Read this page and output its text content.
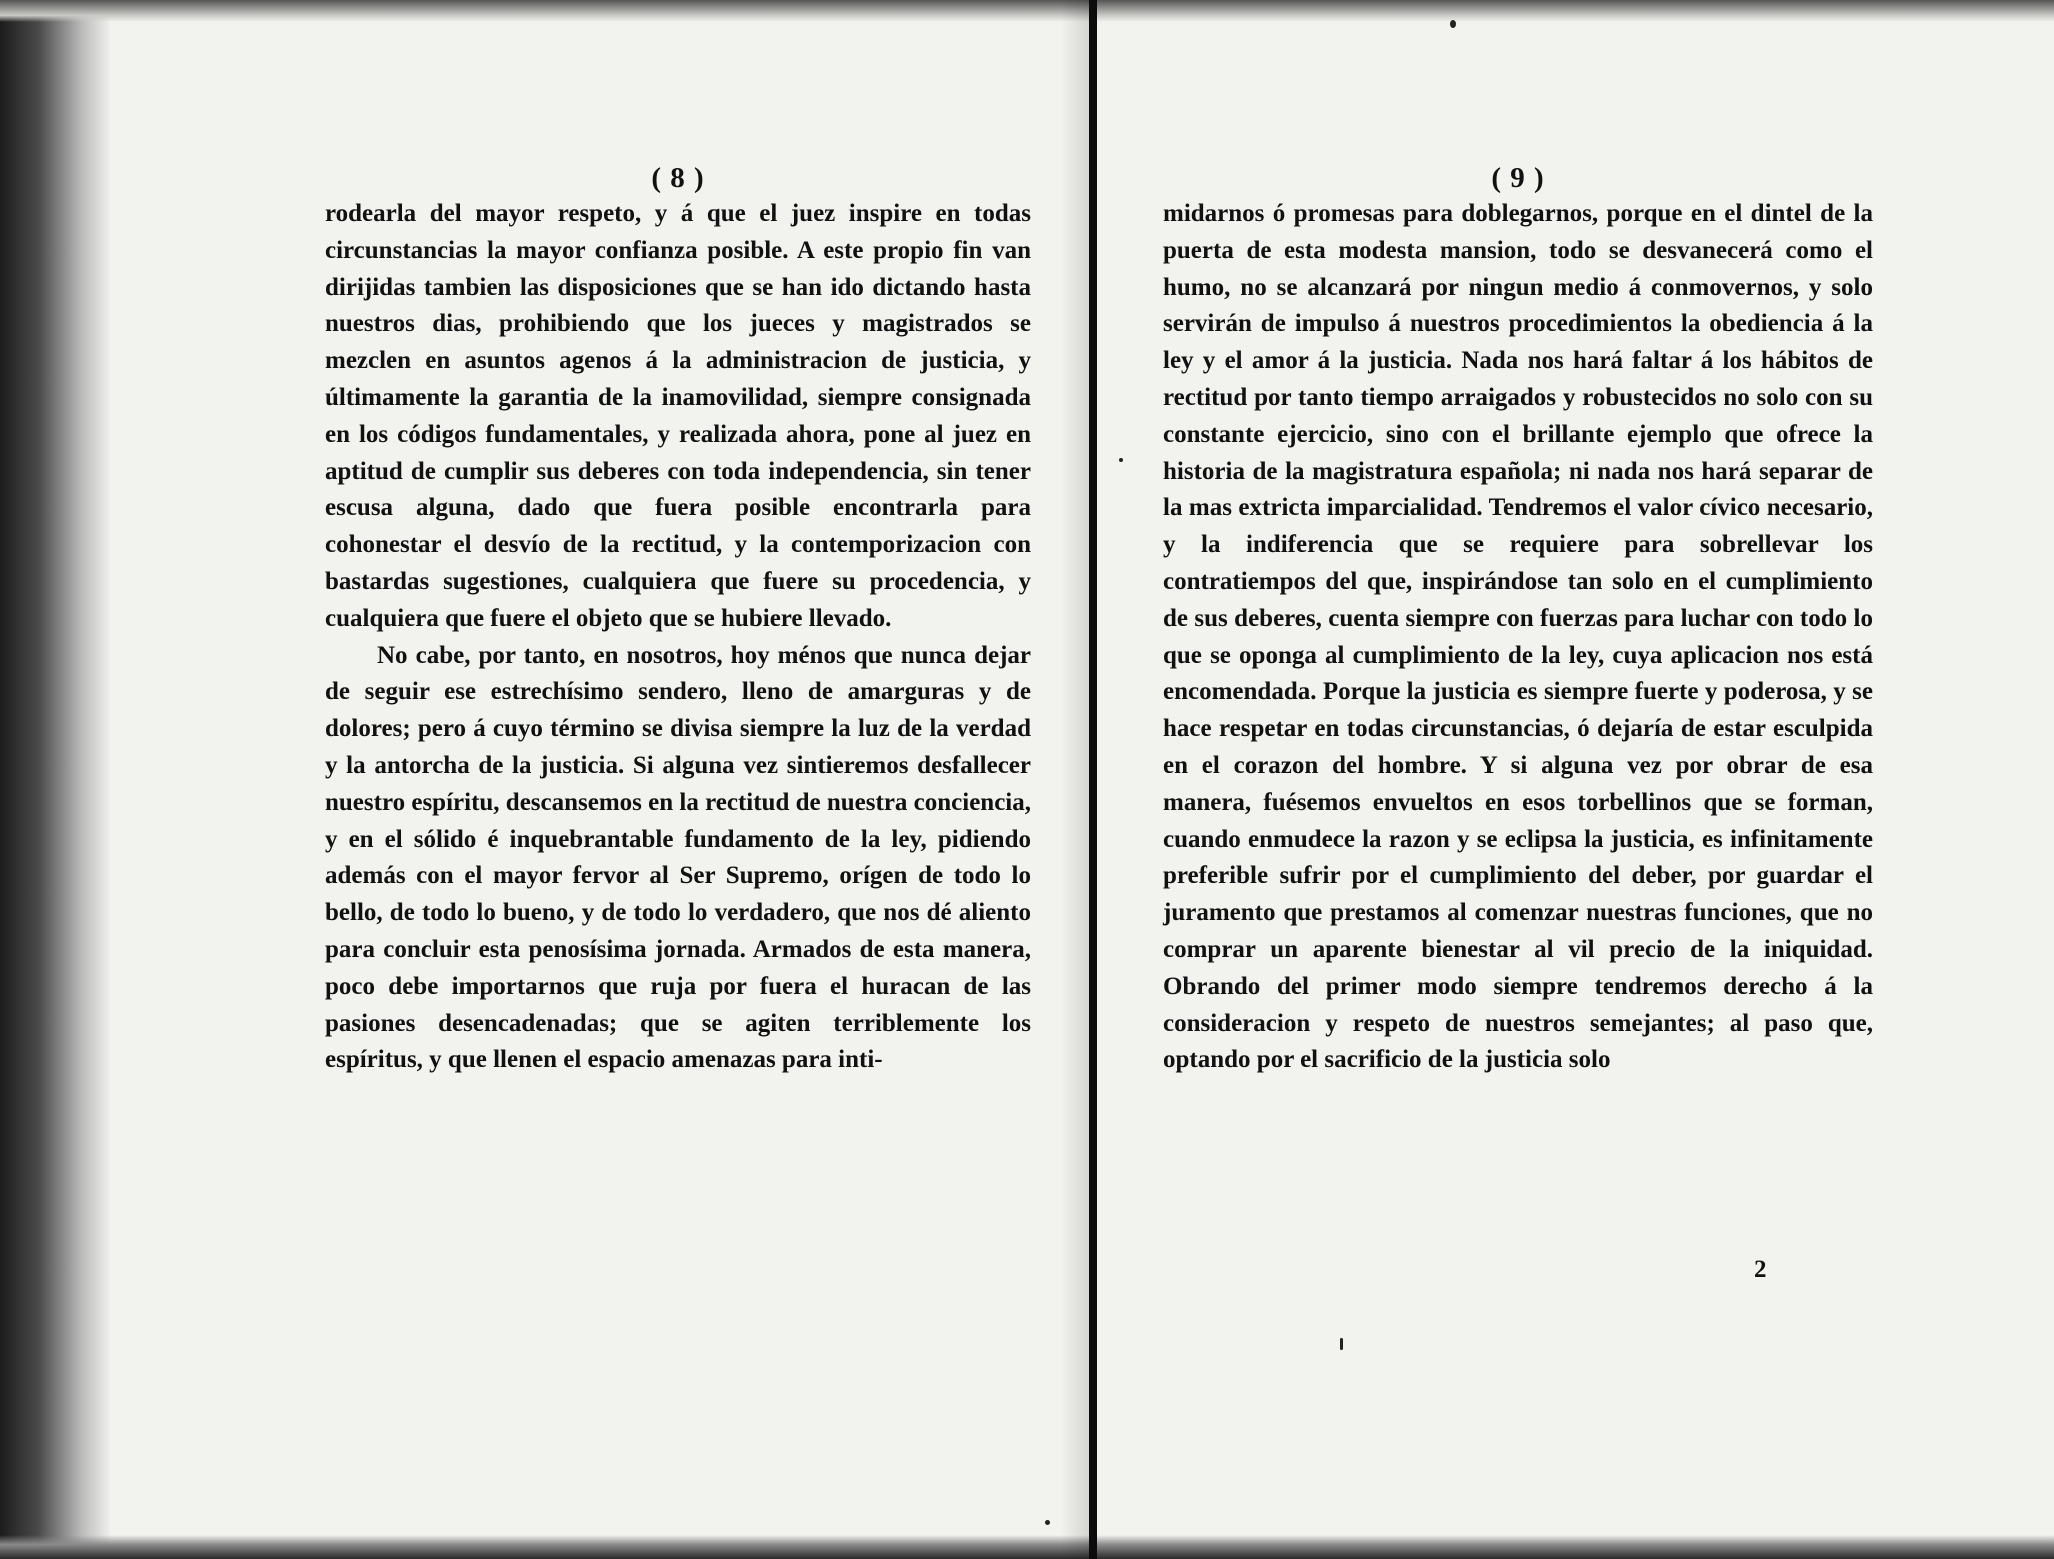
( 8 )

rodearla del mayor respeto, y á que el juez inspire en todas circunstancias la mayor confianza posible. A este propio fin van dirijidas tambien las disposiciones que se han ido dictando hasta nuestros dias, prohibiendo que los jueces y magistrados se mezclen en asuntos agenos á la administracion de justicia, y últimamente la garantia de la inamovilidad, siempre consignada en los códigos fundamentales, y realizada ahora, pone al juez en aptitud de cumplir sus deberes con toda independencia, sin tener escusa alguna, dado que fuera posible encontrarla para cohonestar el desvío de la rectitud, y la contemporizacion con bastardas sugestiones, cualquiera que fuere su procedencia, y cualquiera que fuere el objeto que se hubiere llevado.

No cabe, por tanto, en nosotros, hoy ménos que nunca dejar de seguir ese estrechísimo sendero, lleno de amarguras y de dolores; pero á cuyo término se divisa siempre la luz de la verdad y la antorcha de la justicia. Si alguna vez sintieremos desfallecer nuestro espíritu, descansemos en la rectitud de nuestra conciencia, y en el sólido é inquebrantable fundamento de la ley, pidiendo además con el mayor fervor al Ser Supremo, orígen de todo lo bello, de todo lo bueno, y de todo lo verdadero, que nos dé aliento para concluir esta penosísima jornada. Armados de esta manera, poco debe importarnos que ruja por fuera el huracan de las pasiones desencadenadas; que se agiten terriblemente los espíritus, y que llenen el espacio amenazas para inti-

( 9 )

midarnos ó promesas para doblegarnos, porque en el dintel de la puerta de esta modesta mansion, todo se desvanecerá como el humo, no se alcanzará por ningun medio á conmovernos, y solo servirán de impulso á nuestros procedimientos la obediencia á la ley y el amor á la justicia. Nada nos hará faltar á los hábitos de rectitud por tanto tiempo arraigados y robustecidos no solo con su constante ejercicio, sino con el brillante ejemplo que ofrece la historia de la magistratura española; ni nada nos hará separar de la mas extricta imparcialidad. Tendremos el valor cívico necesario, y la indiferencia que se requiere para sobrellevar los contratiempos del que, inspirándose tan solo en el cumplimiento de sus deberes, cuenta siempre con fuerzas para luchar con todo lo que se oponga al cumplimiento de la ley, cuya aplicacion nos está encomendada. Porque la justicia es siempre fuerte y poderosa, y se hace respetar en todas circunstancias, ó dejaría de estar esculpida en el corazon del hombre. Y si alguna vez por obrar de esa manera, fuésemos envueltos en esos torbellinos que se forman, cuando enmudece la razon y se eclipsa la justicia, es infinitamente preferible sufrir por el cumplimiento del deber, por guardar el juramento que prestamos al comenzar nuestras funciones, que no comprar un aparente bienestar al vil precio de la iniquidad. Obrando del primer modo siempre tendremos derecho á la consideracion y respeto de nuestros semejantes; al paso que, optando por el sacrificio de la justicia solo

2
